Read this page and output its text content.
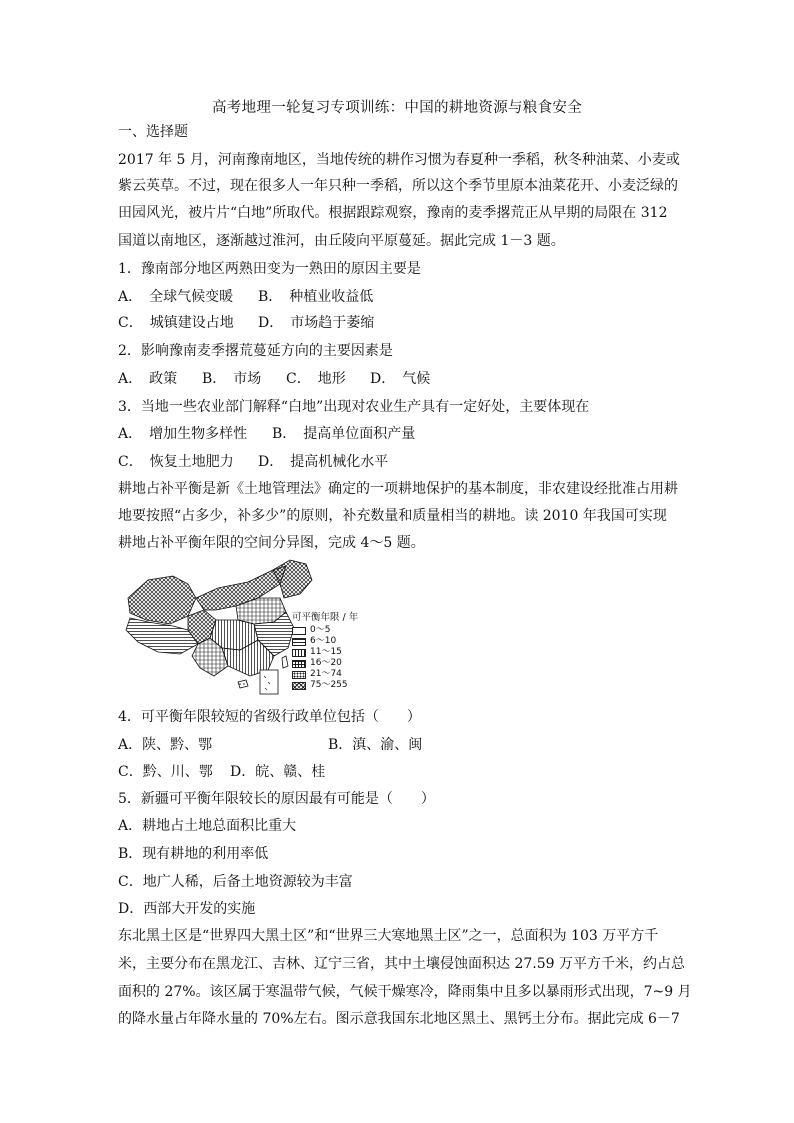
高考地理一轮复习专项训练：中国的耕地资源与粮食安全
一、选择题
2017 年 5 月，河南豫南地区，当地传统的耕作习惯为春夏种一季稻，秋冬种油菜、小麦或
紫云英草。不过，现在很多人一年只种一季稻，所以这个季节里原本油菜花开、小麦泛绿的
田园风光，被片片“白地”所取代。根据跟踪观察，豫南的麦季撂荒正从早期的局限在 312
国道以南地区，逐渐越过淮河，由丘陵向平原蔓延。据此完成 1－3 题。
1．豫南部分地区两熟田变为一熟田的原因主要是
A．　全球气候变暖 B．　种植业收益低
C．　城镇建设占地 D．　市场趋于萎缩
2．影响豫南麦季撂荒蔓延方向的主要因素是
A．　政策 B．　市场 C．　地形 D．　气候
3．当地一些农业部门解释“白地”出现对农业生产具有一定好处，主要体现在
A．　增加生物多样性 B．　提高单位面积产量
C．　恢复土地肥力 D．　提高机械化水平
耕地占补平衡是新《土地管理法》确定的一项耕地保护的基本制度，非农建设经批准占用耕
地要按照“占多少，补多少”的原则，补充数量和质量相当的耕地。读 2010 年我国可实现
耕地占补平衡年限的空间分异图，完成 4～5 题。
可平衡年限 / 年
0～5
6～10
11～15
16～20
21～74
75～255
4．可平衡年限较短的省级行政单位包括（　　）
A．陕、黔、鄂	B．滇、渝、闽
C．黔、川、鄂 D．皖、赣、桂
5．新疆可平衡年限较长的原因最有可能是（　　）
A．耕地占土地总面积比重大
B．现有耕地的利用率低
C．地广人稀，后备土地资源较为丰富
D．西部大开发的实施
东北黑土区是“世界四大黑土区”和“世界三大寒地黑土区”之一，总面积为 103 万平方千
米，主要分布在黑龙江、吉林、辽宁三省，其中土壤侵蚀面积达 27.59 万平方千米，约占总
面积的 27%。该区属于寒温带气候，气候干燥寒冷，降雨集中且多以暴雨形式出现，7~9 月
的降水量占年降水量的 70%左右。图示意我国东北地区黑土、黑钙土分布。据此完成 6－7
